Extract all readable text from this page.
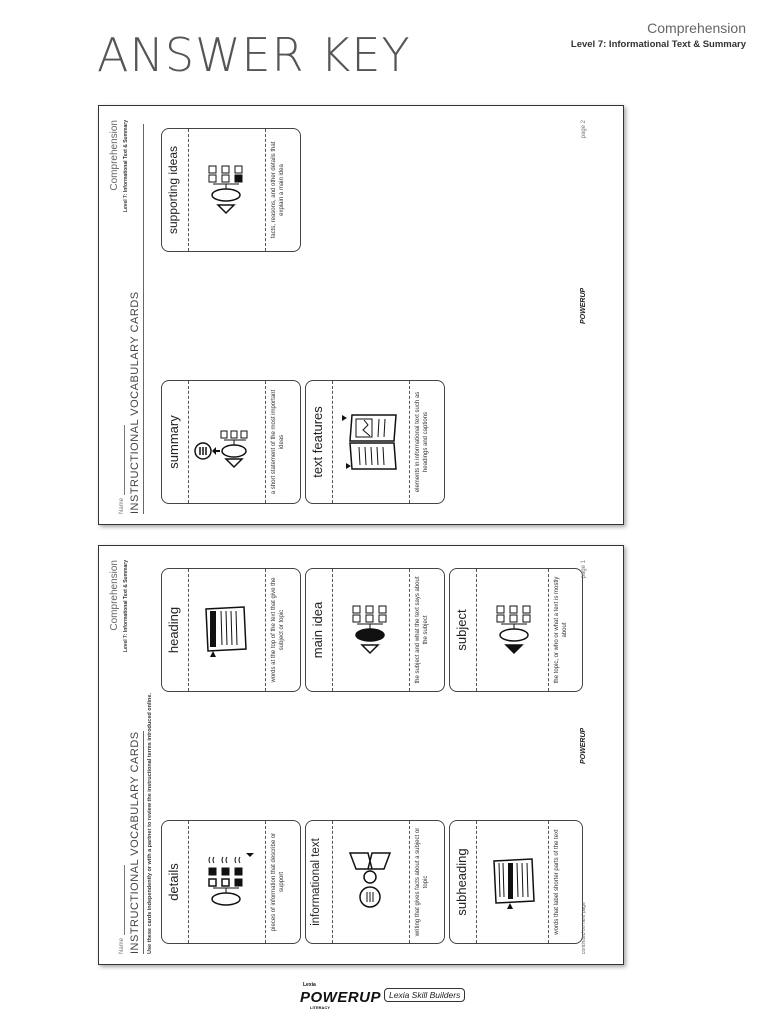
ANSWER KEY	Comprehension
Level 7: Informational Text & Summary
Comprehension Level 7: Informational Text & Summary
Name INSTRUCTIONAL VOCABULARY CARDS summary	a short statement of the most important ideas
supporting ideas	facts, reasons, and other details that explain a main idea
text features	elements in informational text such as headings and captions
POWERUP
page 2
Comprehension Level 7: Informational Text & Summary
Name INSTRUCTIONAL VOCABULARY CARDS	Use these cards independently or with a partner to review the instructional terms introduced online. details	pieces of information that describe or support
heading	words at the top of the text that give the subject or topic
informational text	writing that gives facts about a subject or topic
main idea	the subject and what the text says about the subject
subheading	words that label shorter parts of the text
subject	the topic, or who or what a text is mostly about
continued on next page
POWERUP
page 1
Lexia
POWERUP
LITERACY
Lexia Skill Builders
